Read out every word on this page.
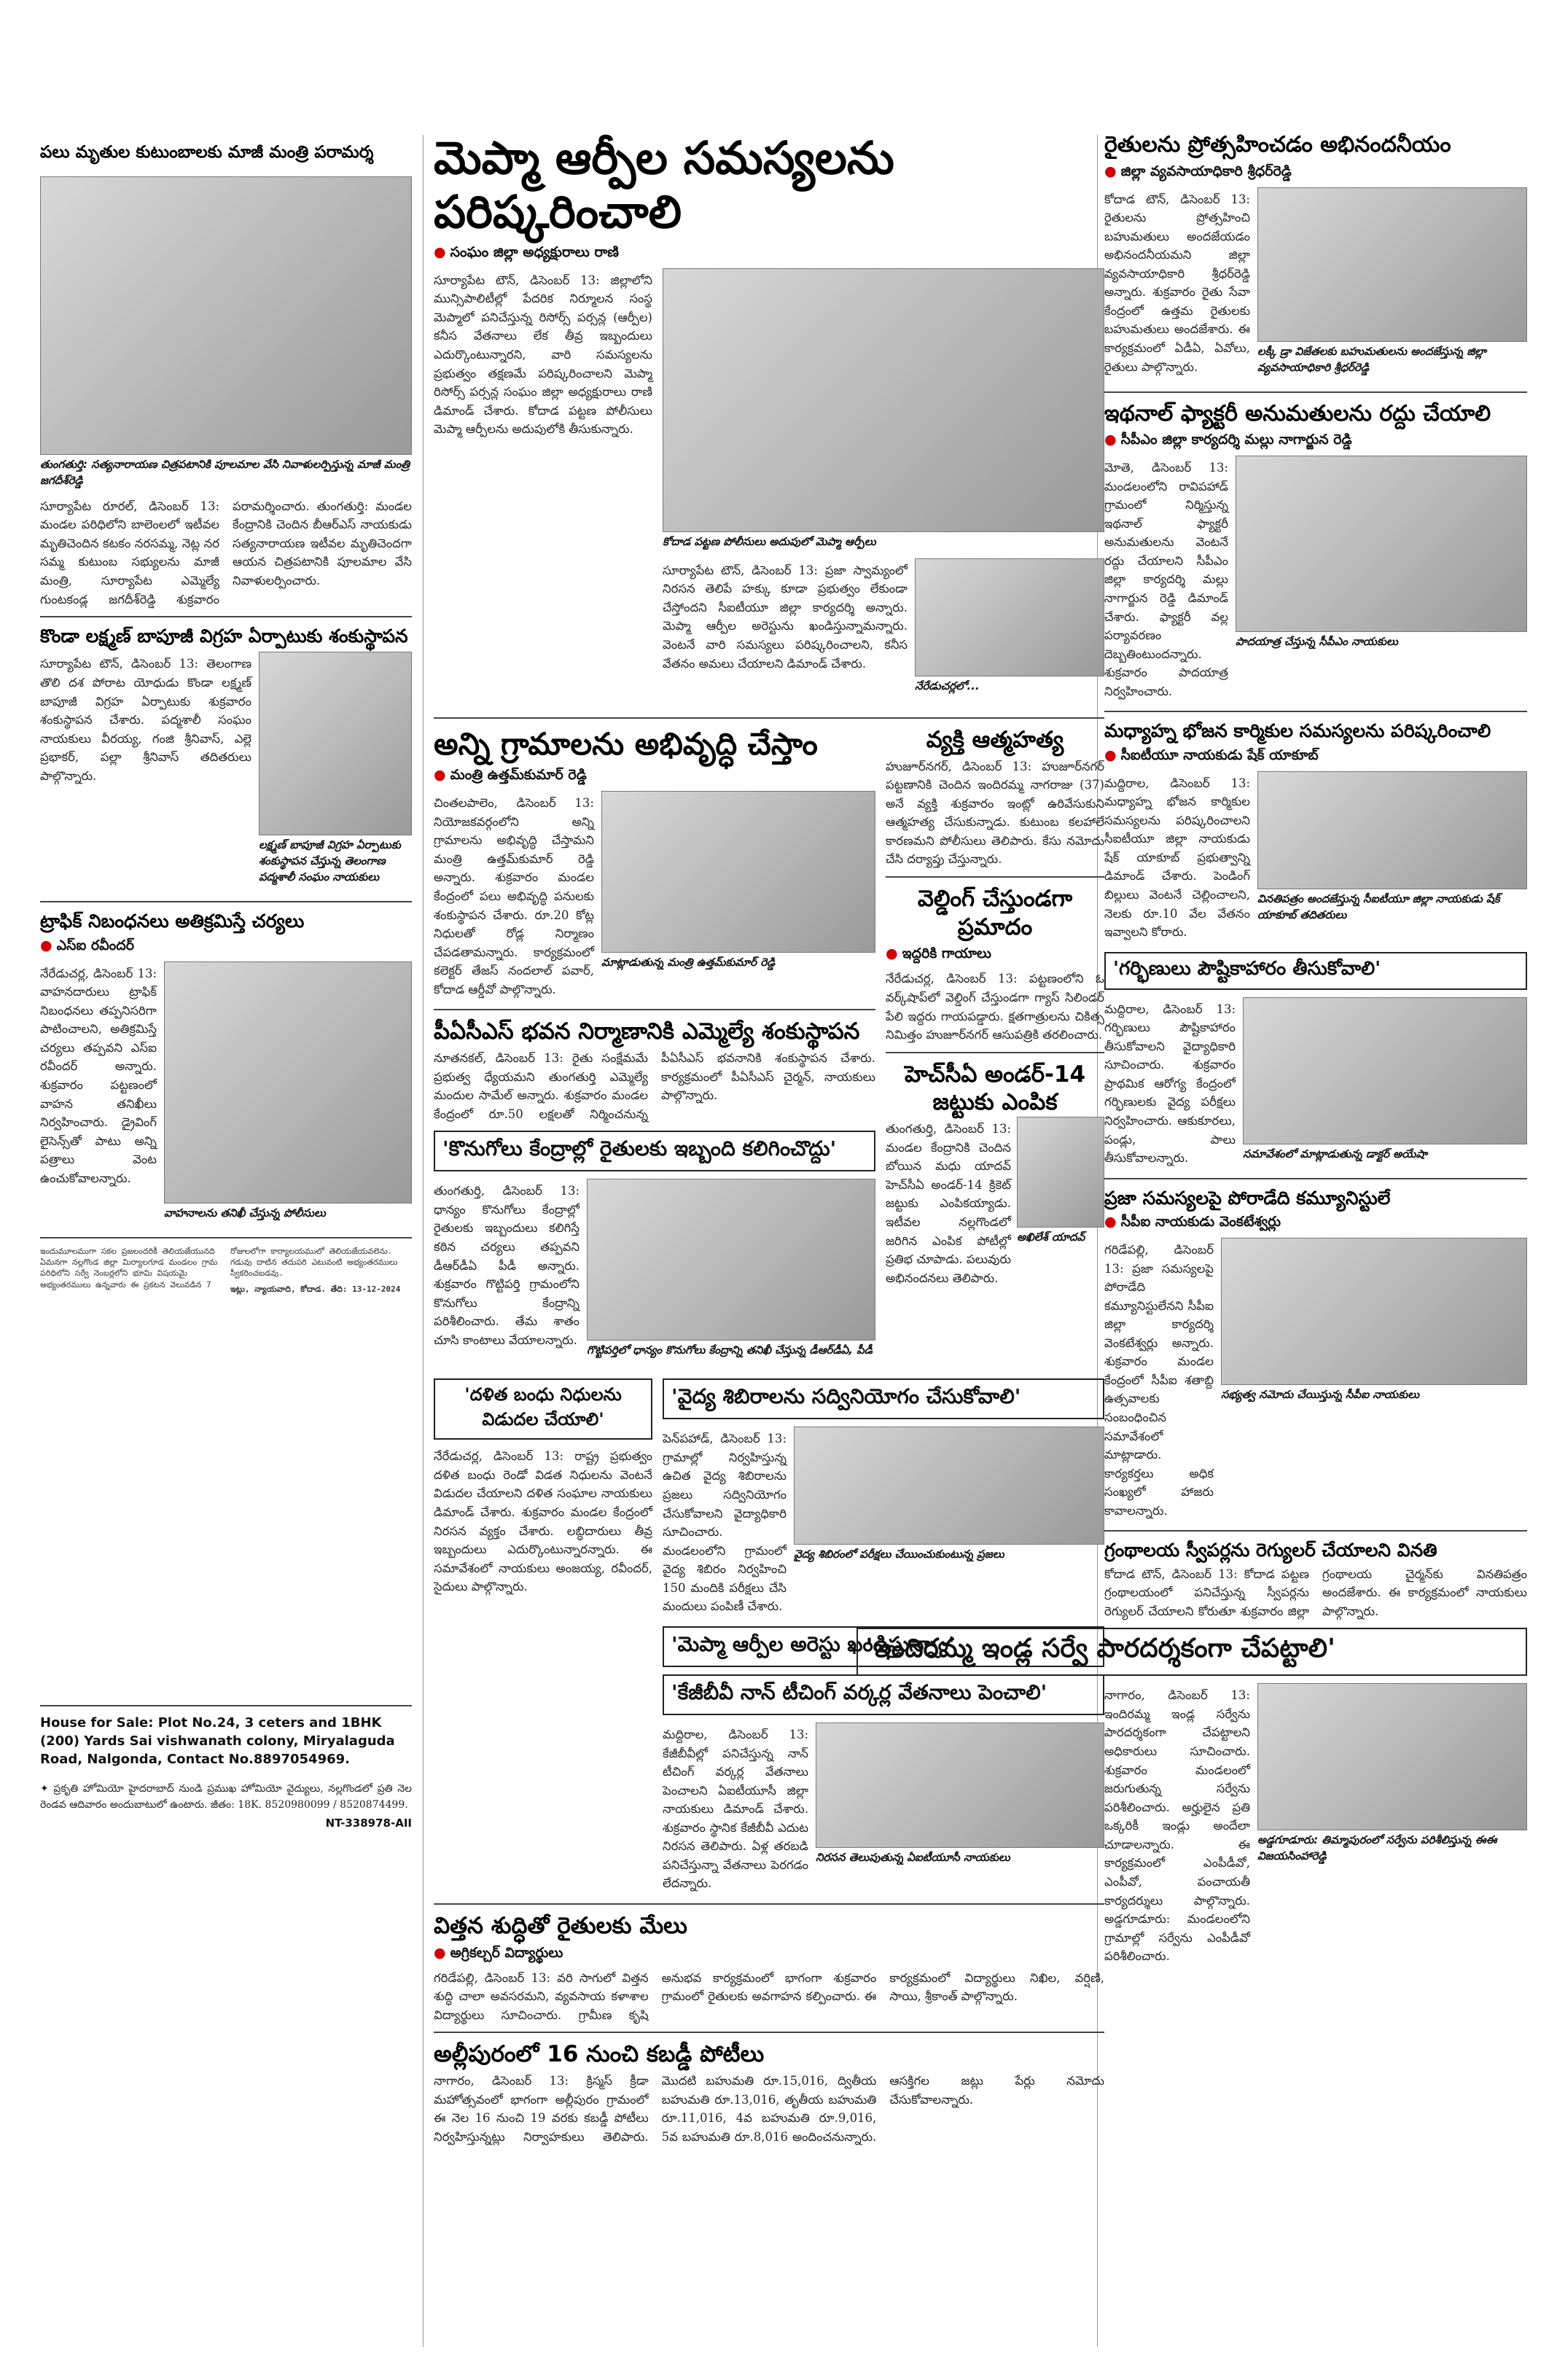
పలు మృతుల కుటుంబాలకు మాజీ మంత్రి పరామర్శ
తుంగతుర్తి: సత్యనారాయణ చిత్రపటానికి పూలమాల వేసి నివాళులర్పిస్తున్న మాజీ మంత్రి జగదీశ్‌రెడ్డి
సూర్యాపేట రూరల్‌, డిసెంబర్‌ 13: మండల పరిధిలోని బాలెంలలో ఇటీవల మృతిచెందిన కటకం నరసమ్మ, నెట్ల నర సమ్మ కుటుంబ సభ్యులను మాజీ మంత్రి, సూర్యాపేట ఎమ్మెల్యే గుంటకండ్ల జగదీశ్‌రెడ్డి శుక్రవారం పరామర్శించారు. తుంగతుర్తి: మండల కేంద్రానికి చెందిన బీఆర్‌ఎస్‌ నాయకుడు సత్యనారాయణ ఇటీవల మృతిచెందగా ఆయన చిత్రపటానికి పూలమాల వేసి నివాళులర్పించారు.
కొండా లక్ష్మణ్‌ బాపూజీ విగ్రహ ఏర్పాటుకు శంకుస్థాపన
సూర్యాపేట టౌన్‌, డిసెంబర్‌ 13: తెలంగాణ తొలి దశ పోరాట యోధుడు కొండా లక్ష్మణ్‌ బాపూజీ విగ్రహ ఏర్పాటుకు శుక్రవారం శంకుస్థాపన చేశారు. పద్మశాలీ సంఘం నాయకులు వీరయ్య, గంజి శ్రీనివాస్‌, ఎల్లె ప్రభాకర్‌, పల్లా శ్రీనివాస్‌ తదితరులు పాల్గొన్నారు.
లక్ష్మణ్‌ బాపూజీ విగ్రహ ఏర్పాటుకు శంకుస్థాపన చేస్తున్న తెలంగాణ పద్మశాలీ సంఘం నాయకులు
ట్రాఫిక్‌ నిబంధనలు అతిక్రమిస్తే చర్యలు
● ఎస్‌ఐ రవీందర్‌
నేరేడుచర్ల, డిసెంబర్‌ 13: వాహనదారులు ట్రాఫిక్‌ నిబంధనలు తప్పనిసరిగా పాటించాలని, అతిక్రమిస్తే చర్యలు తప్పవని ఎస్‌ఐ రవీందర్‌ అన్నారు. శుక్రవారం పట్టణంలో వాహన తనిఖీలు నిర్వహించారు. డ్రైవింగ్‌ లైసెన్స్‌తో పాటు అన్ని పత్రాలు వెంట ఉంచుకోవాలన్నారు.
వాహనాలను తనిఖీ చేస్తున్న పోలీసులు

ఇందుమూలముగా సకల ప్రజలందరికీ తెలియజేయునది ఏమనగా నల్లగొండ జిల్లా మిర్యాలగూడ మండలం గ్రామ పరిధిలోని సర్వే నెంబర్లలోని భూమి విషయమై అభ్యంతరములు ఉన్నవారు ఈ ప్రకటన వెలువడిన 7 రోజులలోగా కార్యాలయములో తెలియజేయవలెను. గడువు దాటిన తదుపరి ఎటువంటి అభ్యంతరములు స్వీకరించబడవు.

ఇట్లు, న్యాయవాది, కోదాడ. తేది: 13-12-2024

House for Sale: Plot No.24, 3 ceters and 1BHK (200) Yards Sai vishwanath colony, Miryalaguda Road, Nalgonda, Contact No.8897054969.
✦ ప్రకృతి హోమియో హైదరాబాద్‌ నుండి ప్రముఖ హోమియో వైద్యులు, నల్లగొండలో ప్రతి నెల రెండవ ఆదివారం అందుబాటులో ఉంటారు. జీతం: 18K. 8520980099 / 8520874499.
NT-338978-AII
మెప్మా ఆర్పీల సమస్యలను పరిష్కరించాలి
● సంఘం జిల్లా అధ్యక్షురాలు రాణి
సూర్యాపేట టౌన్‌, డిసెంబర్‌ 13: జిల్లాలోని మున్సిపాలిటీల్లో పేదరిక నిర్మూలన సంస్థ మెప్మాలో పనిచేస్తున్న రిసోర్స్‌ పర్సన్ల (ఆర్పీల) కనీస వేతనాలు లేక తీవ్ర ఇబ్బందులు ఎదుర్కొంటున్నారని, వారి సమస్యలను ప్రభుత్వం తక్షణమే పరిష్కరించాలని మెప్మా రిసోర్స్‌ పర్సన్ల సంఘం జిల్లా అధ్యక్షురాలు రాణి డిమాండ్‌ చేశారు. కోదాడ పట్టణ పోలీసులు మెప్మా ఆర్పీలను అదుపులోకి తీసుకున్నారు.
కోదాడ పట్టణ పోలీసులు అదుపులో మెప్మా ఆర్పీలు
సూర్యాపేట టౌన్‌, డిసెంబర్‌ 13: ప్రజా స్వామ్యంలో నిరసన తెలిపే హక్కు కూడా ప్రభుత్వం లేకుండా చేస్తోందని సీఐటీయూ జిల్లా కార్యదర్శి అన్నారు. మెప్మా ఆర్పీల అరెస్టును ఖండిస్తున్నామన్నారు. వెంటనే వారి సమస్యలు పరిష్కరించాలని, కనీస వేతనం అమలు చేయాలని డిమాండ్‌ చేశారు.
నేరేడుచర్లలో...
అన్ని గ్రామాలను అభివృద్ధి చేస్తాం
● మంత్రి ఉత్తమ్‌కుమార్‌ రెడ్డి
చింతలపాలెం, డిసెంబర్‌ 13: నియోజకవర్గంలోని అన్ని గ్రామాలను అభివృద్ధి చేస్తామని మంత్రి ఉత్తమ్‌కుమార్‌ రెడ్డి అన్నారు. శుక్రవారం మండల కేంద్రంలో పలు అభివృద్ధి పనులకు శంకుస్థాపన చేశారు. రూ.20 కోట్ల నిధులతో రోడ్ల నిర్మాణం చేపడతామన్నారు. కార్యక్రమంలో కలెక్టర్‌ తేజస్‌ నందలాల్‌ పవార్‌, కోదాడ ఆర్డీవో పాల్గొన్నారు.
మాట్లాడుతున్న మంత్రి ఉత్తమ్‌కుమార్‌ రెడ్డి
పీఏసీఎస్‌ భవన నిర్మాణానికి ఎమ్మెల్యే శంకుస్థాపన
నూతనకల్‌, డిసెంబర్‌ 13: రైతు సంక్షేమమే ప్రభుత్వ ధ్యేయమని తుంగతుర్తి ఎమ్మెల్యే మందుల సామేల్‌ అన్నారు. శుక్రవారం మండల కేంద్రంలో రూ.50 లక్షలతో నిర్మించనున్న పీఏసీఎస్‌ భవనానికి శంకుస్థాపన చేశారు. కార్యక్రమంలో పీఏసీఎస్‌ చైర్మన్‌, నాయకులు పాల్గొన్నారు.
'కొనుగోలు కేంద్రాల్లో రైతులకు ఇబ్బంది కలిగించొద్దు'
తుంగతుర్తి, డిసెంబర్‌ 13: ధాన్యం కొనుగోలు కేంద్రాల్లో రైతులకు ఇబ్బందులు కలిగిస్తే కఠిన చర్యలు తప్పవని డీఆర్‌డీఏ పీడీ అన్నారు. శుక్రవారం గొట్టిపర్తి గ్రామంలోని కొనుగోలు కేంద్రాన్ని పరిశీలించారు. తేమ శాతం చూసి కాంటాలు వేయాలన్నారు.
గొట్టిపర్తిలో ధాన్యం కొనుగోలు కేంద్రాన్ని తనిఖీ చేస్తున్న డీఆర్‌డీఏ, పీడీ
వ్యక్తి ఆత్మహత్య
హుజూర్‌నగర్‌, డిసెంబర్‌ 13: హుజూర్‌నగర్‌ పట్టణానికి చెందిన ఇందిరమ్మ నాగరాజు (37) అనే వ్యక్తి శుక్రవారం ఇంట్లో ఉరివేసుకుని ఆత్మహత్య చేసుకున్నాడు. కుటుంబ కలహాలే కారణమని పోలీసులు తెలిపారు. కేసు నమోదు చేసి దర్యాప్తు చేస్తున్నారు.
వెల్డింగ్‌ చేస్తుండగా ప్రమాదం
● ఇద్దరికి గాయాలు
నేరేడుచర్ల, డిసెంబర్‌ 13: పట్టణంలోని ఓ వర్క్‌షాప్‌లో వెల్డింగ్‌ చేస్తుండగా గ్యాస్‌ సిలిండర్‌ పేలి ఇద్దరు గాయపడ్డారు. క్షతగాత్రులను చికిత్స నిమిత్తం హుజూర్‌నగర్‌ ఆసుపత్రికి తరలించారు.
హెచ్‌సీఏ అండర్‌-14 జట్టుకు ఎంపిక
తుంగతుర్తి, డిసెంబర్‌ 13: మండల కేంద్రానికి చెందిన బోయిన మధు యాదవ్‌ హెచ్‌సీఏ అండర్‌-14 క్రికెట్‌ జట్టుకు ఎంపికయ్యాడు. ఇటీవల నల్లగొండలో జరిగిన ఎంపిక పోటీల్లో ప్రతిభ చూపాడు. పలువురు అభినందనలు తెలిపారు.
అఖిలేశ్‌ యాదవ్‌
'దళిత బంధు నిధులను విడుదల చేయాలి'
నేరేడుచర్ల, డిసెంబర్‌ 13: రాష్ట్ర ప్రభుత్వం దళిత బంధు రెండో విడత నిధులను వెంటనే విడుదల చేయాలని దళిత సంఘాల నాయకులు డిమాండ్‌ చేశారు. శుక్రవారం మండల కేంద్రంలో నిరసన వ్యక్తం చేశారు. లబ్ధిదారులు తీవ్ర ఇబ్బందులు ఎదుర్కొంటున్నారన్నారు. ఈ సమావేశంలో నాయకులు అంజయ్య, రవీందర్‌, సైదులు పాల్గొన్నారు.
'వైద్య శిబిరాలను సద్వినియోగం చేసుకోవాలి'
పెన్‌పహాడ్‌, డిసెంబర్‌ 13: గ్రామాల్లో నిర్వహిస్తున్న ఉచిత వైద్య శిబిరాలను ప్రజలు సద్వినియోగం చేసుకోవాలని వైద్యాధికారి సూచించారు. మండలంలోని గ్రామంలో వైద్య శిబిరం నిర్వహించి 150 మందికి పరీక్షలు చేసి మందులు పంపిణీ చేశారు.
వైద్య శిబిరంలో పరీక్షలు చేయించుకుంటున్న ప్రజలు
'మెప్మా ఆర్పీల అరెస్టు ఖండిస్తున్నాం'
'కేజీబీవీ నాన్‌ టీచింగ్‌ వర్కర్ల వేతనాలు పెంచాలి'
మద్దిరాల, డిసెంబర్‌ 13: కేజీబీవీల్లో పనిచేస్తున్న నాన్‌ టీచింగ్‌ వర్కర్ల వేతనాలు పెంచాలని ఏఐటీయూసీ జిల్లా నాయకులు డిమాండ్‌ చేశారు. శుక్రవారం స్థానిక కేజీబీవీ ఎదుట నిరసన తెలిపారు. ఏళ్ల తరబడి పనిచేస్తున్నా వేతనాలు పెరగడం లేదన్నారు.
నిరసన తెలుపుతున్న ఏఐటీయూసీ నాయకులు
విత్తన శుద్ధితో రైతులకు మేలు
● అగ్రికల్చర్‌ విద్యార్థులు
గరిడేపల్లి, డిసెంబర్‌ 13: వరి సాగులో విత్తన శుద్ధి చాలా అవసరమని, వ్యవసాయ కళాశాల విద్యార్థులు సూచించారు. గ్రామీణ కృషి అనుభవ కార్యక్రమంలో భాగంగా శుక్రవారం గ్రామంలో రైతులకు అవగాహన కల్పించారు. ఈ కార్యక్రమంలో విద్యార్థులు నిఖిల, వర్షిణి, సాయి, శ్రీకాంత్‌ పాల్గొన్నారు.
అల్లీపురంలో 16 నుంచి కబడ్డీ పోటీలు
నాగారం, డిసెంబర్‌ 13: క్రిస్మస్‌ క్రీడా మహోత్సవంలో భాగంగా అల్లీపురం గ్రామంలో ఈ నెల 16 నుంచి 19 వరకు కబడ్డీ పోటీలు నిర్వహిస్తున్నట్లు నిర్వాహకులు తెలిపారు. మొదటి బహుమతి రూ.15,016, ద్వితీయ బహుమతి రూ.13,016, తృతీయ బహుమతి రూ.11,016, 4వ బహుమతి రూ.9,016, 5వ బహుమతి రూ.8,016 అందించనున్నారు. ఆసక్తిగల జట్లు పేర్లు నమోదు చేసుకోవాలన్నారు.
రైతులను ప్రోత్సహించడం అభినందనీయం
● జిల్లా వ్యవసాయాధికారి శ్రీధర్‌రెడ్డి
కోదాడ టౌన్‌, డిసెంబర్‌ 13: రైతులను ప్రోత్సహించి బహుమతులు అందజేయడం అభినందనీయమని జిల్లా వ్యవసాయాధికారి శ్రీధర్‌రెడ్డి అన్నారు. శుక్రవారం రైతు సేవా కేంద్రంలో ఉత్తమ రైతులకు బహుమతులు అందజేశారు. ఈ కార్యక్రమంలో ఏడీఏ, ఏవోలు, రైతులు పాల్గొన్నారు.
లక్కీ డ్రా విజేతలకు బహుమతులను అందజేస్తున్న జిల్లా వ్యవసాయాధికారి శ్రీధర్‌రెడ్డి
ఇథనాల్‌ ఫ్యాక్టరీ అనుమతులను రద్దు చేయాలి
● సీపీఎం జిల్లా కార్యదర్శి మల్లు నాగార్జున రెడ్డి
మోతె, డిసెంబర్‌ 13: మండలంలోని రావిపహాడ్‌ గ్రామంలో నిర్మిస్తున్న ఇథనాల్‌ ఫ్యాక్టరీ అనుమతులను వెంటనే రద్దు చేయాలని సీపీఎం జిల్లా కార్యదర్శి మల్లు నాగార్జున రెడ్డి డిమాండ్‌ చేశారు. ఫ్యాక్టరీ వల్ల పర్యావరణం దెబ్బతింటుందన్నారు. శుక్రవారం పాదయాత్ర నిర్వహించారు.
పాదయాత్ర చేస్తున్న సీపీఎం నాయకులు
మధ్యాహ్న భోజన కార్మికుల సమస్యలను పరిష్కరించాలి
● సీఐటీయూ నాయకుడు షేక్‌ యాకూబ్‌
మద్దిరాల, డిసెంబర్‌ 13: మధ్యాహ్న భోజన కార్మికుల సమస్యలను పరిష్కరించాలని సీఐటీయూ జిల్లా నాయకుడు షేక్‌ యాకూబ్‌ ప్రభుత్వాన్ని డిమాండ్‌ చేశారు. పెండింగ్‌ బిల్లులు వెంటనే చెల్లించాలని, నెలకు రూ.10 వేల వేతనం ఇవ్వాలని కోరారు.
వినతిపత్రం అందజేస్తున్న సీఐటీయూ జిల్లా నాయకుడు షేక్‌ యాకూబ్‌ తదితరులు
'గర్భిణులు పౌష్టికాహారం తీసుకోవాలి'
మద్దిరాల, డిసెంబర్‌ 13: గర్భిణులు పౌష్టికాహారం తీసుకోవాలని వైద్యాధికారి సూచించారు. శుక్రవారం ప్రాథమిక ఆరోగ్య కేంద్రంలో గర్భిణులకు వైద్య పరీక్షలు నిర్వహించారు. ఆకుకూరలు, పండ్లు, పాలు తీసుకోవాలన్నారు.	సమావేశంలో మాట్లాడుతున్న డాక్టర్‌ అయేషా
ప్రజా సమస్యలపై పోరాడేది కమ్యూనిస్టులే
● సీపీఐ నాయకుడు వెంకటేశ్వర్లు
గరిడేపల్లి, డిసెంబర్‌ 13: ప్రజా సమస్యలపై పోరాడేది కమ్యూనిస్టులేనని సీపీఐ జిల్లా కార్యదర్శి వెంకటేశ్వర్లు అన్నారు. శుక్రవారం మండల కేంద్రంలో సీపీఐ శతాబ్ది ఉత్సవాలకు సంబంధించిన సమావేశంలో మాట్లాడారు. కార్యకర్తలు అధిక సంఖ్యలో హాజరు కావాలన్నారు.
సభ్యత్వ నమోదు చేయిస్తున్న సీపీఐ నాయకులు
గ్రంథాలయ స్వీపర్లను రెగ్యులర్‌ చేయాలని వినతి
కోదాడ టౌన్‌, డిసెంబర్‌ 13: కోదాడ పట్టణ గ్రంథాలయంలో పనిచేస్తున్న స్వీపర్లను రెగ్యులర్‌ చేయాలని కోరుతూ శుక్రవారం జిల్లా గ్రంథాలయ చైర్మన్‌కు వినతిపత్రం అందజేశారు. ఈ కార్యక్రమంలో నాయకులు పాల్గొన్నారు.
'ఇందిరమ్మ ఇండ్ల సర్వే పారదర్శకంగా చేపట్టాలి'
నాగారం, డిసెంబర్‌ 13: ఇందిరమ్మ ఇండ్ల సర్వేను పారదర్శకంగా చేపట్టాలని అధికారులు సూచించారు. శుక్రవారం మండలంలో జరుగుతున్న సర్వేను పరిశీలించారు. అర్హులైన ప్రతి ఒక్కరికీ ఇండ్లు అందేలా చూడాలన్నారు. ఈ కార్యక్రమంలో ఎంపీడీవో, ఎంపీవో, పంచాయతీ కార్యదర్శులు పాల్గొన్నారు. అడ్డగూడూరు: మండలంలోని గ్రామాల్లో సర్వేను ఎంపీడీవో పరిశీలించారు.
అడ్డగూడూరు: తిమ్మాపురంలో సర్వేను పరిశీలిస్తున్న ఈఈ విజయసింహారెడ్డి
